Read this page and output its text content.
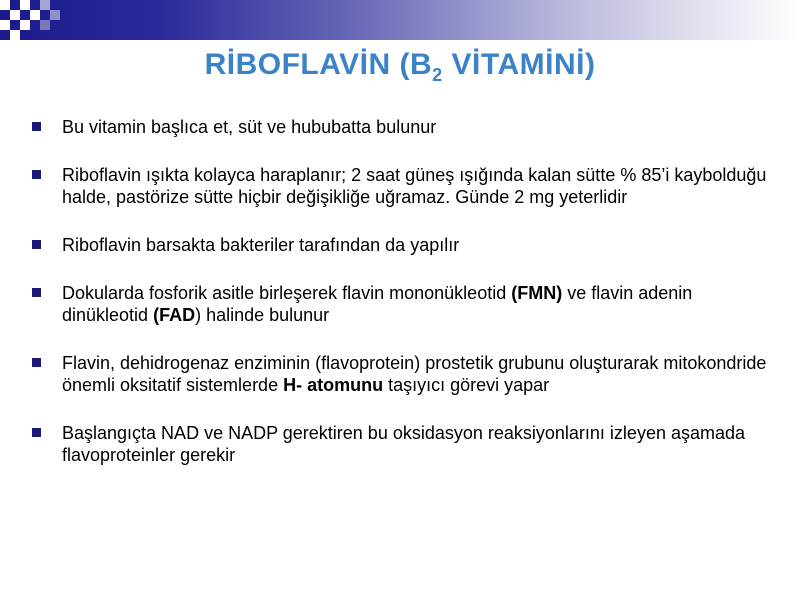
RİBOFLAVİN ($B_2$ VİTAMİNİ)
Bu vitamin başlıca et, süt ve hububatta bulunur
Riboflavin ışıkta kolayca haraplanır; 2 saat güneş ışığında kalan sütte % 85’i kaybolduğu halde, pastörize sütte hiçbir değişikliğe uğramaz. Günde 2 mg yeterlidir
Riboflavin barsakta bakteriler tarafından da yapılır
Dokularda fosforik asitle birleşerek flavin mononükleotid (FMN) ve flavin adenin dinükleotid (FAD) halinde bulunur
Flavin, dehidrogenaz enziminin (flavoprotein) prostetik grubunu oluşturarak mitokondride önemli oksitatif sistemlerde H- atomunu taşıyıcı görevi yapar
Başlangıçta NAD ve NADP gerektiren bu oksidasyon reaksiyonlarını izleyen aşamada flavoproteinler gerekir
